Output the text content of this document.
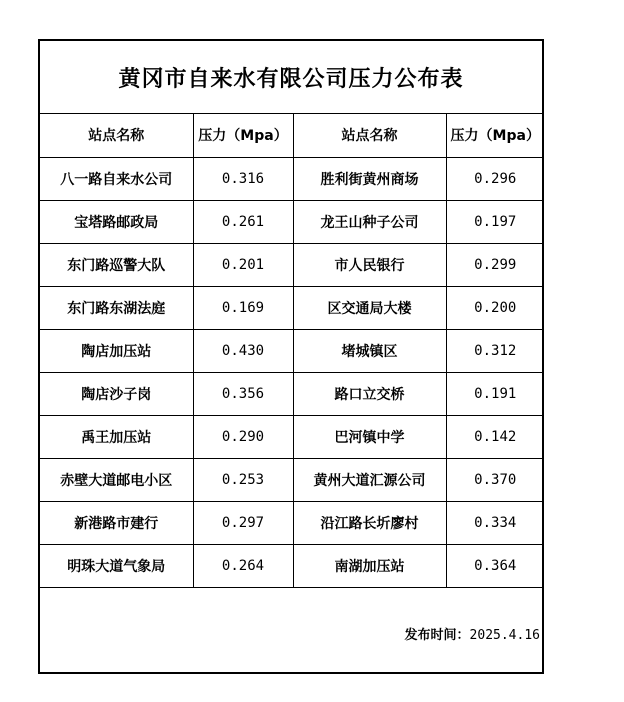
黄冈市自来水有限公司压力公布表
站点名称	压力（Mpa）	站点名称	压力（Mpa）
八一路自来水公司	0.316	胜利街黄州商场	0.296
宝塔路邮政局	0.261	龙王山种子公司	0.197
东门路巡警大队	0.201	市人民银行	0.299
东门路东湖法庭	0.169	区交通局大楼	0.200
陶店加压站	0.430	堵城镇区	0.312
陶店沙子岗	0.356	路口立交桥	0.191
禹王加压站	0.290	巴河镇中学	0.142
赤壁大道邮电小区	0.253	黄州大道汇源公司	0.370
新港路市建行	0.297	沿江路长圻廖村	0.334
明珠大道气象局	0.264	南湖加压站	0.364
发布时间：2025.4.16
